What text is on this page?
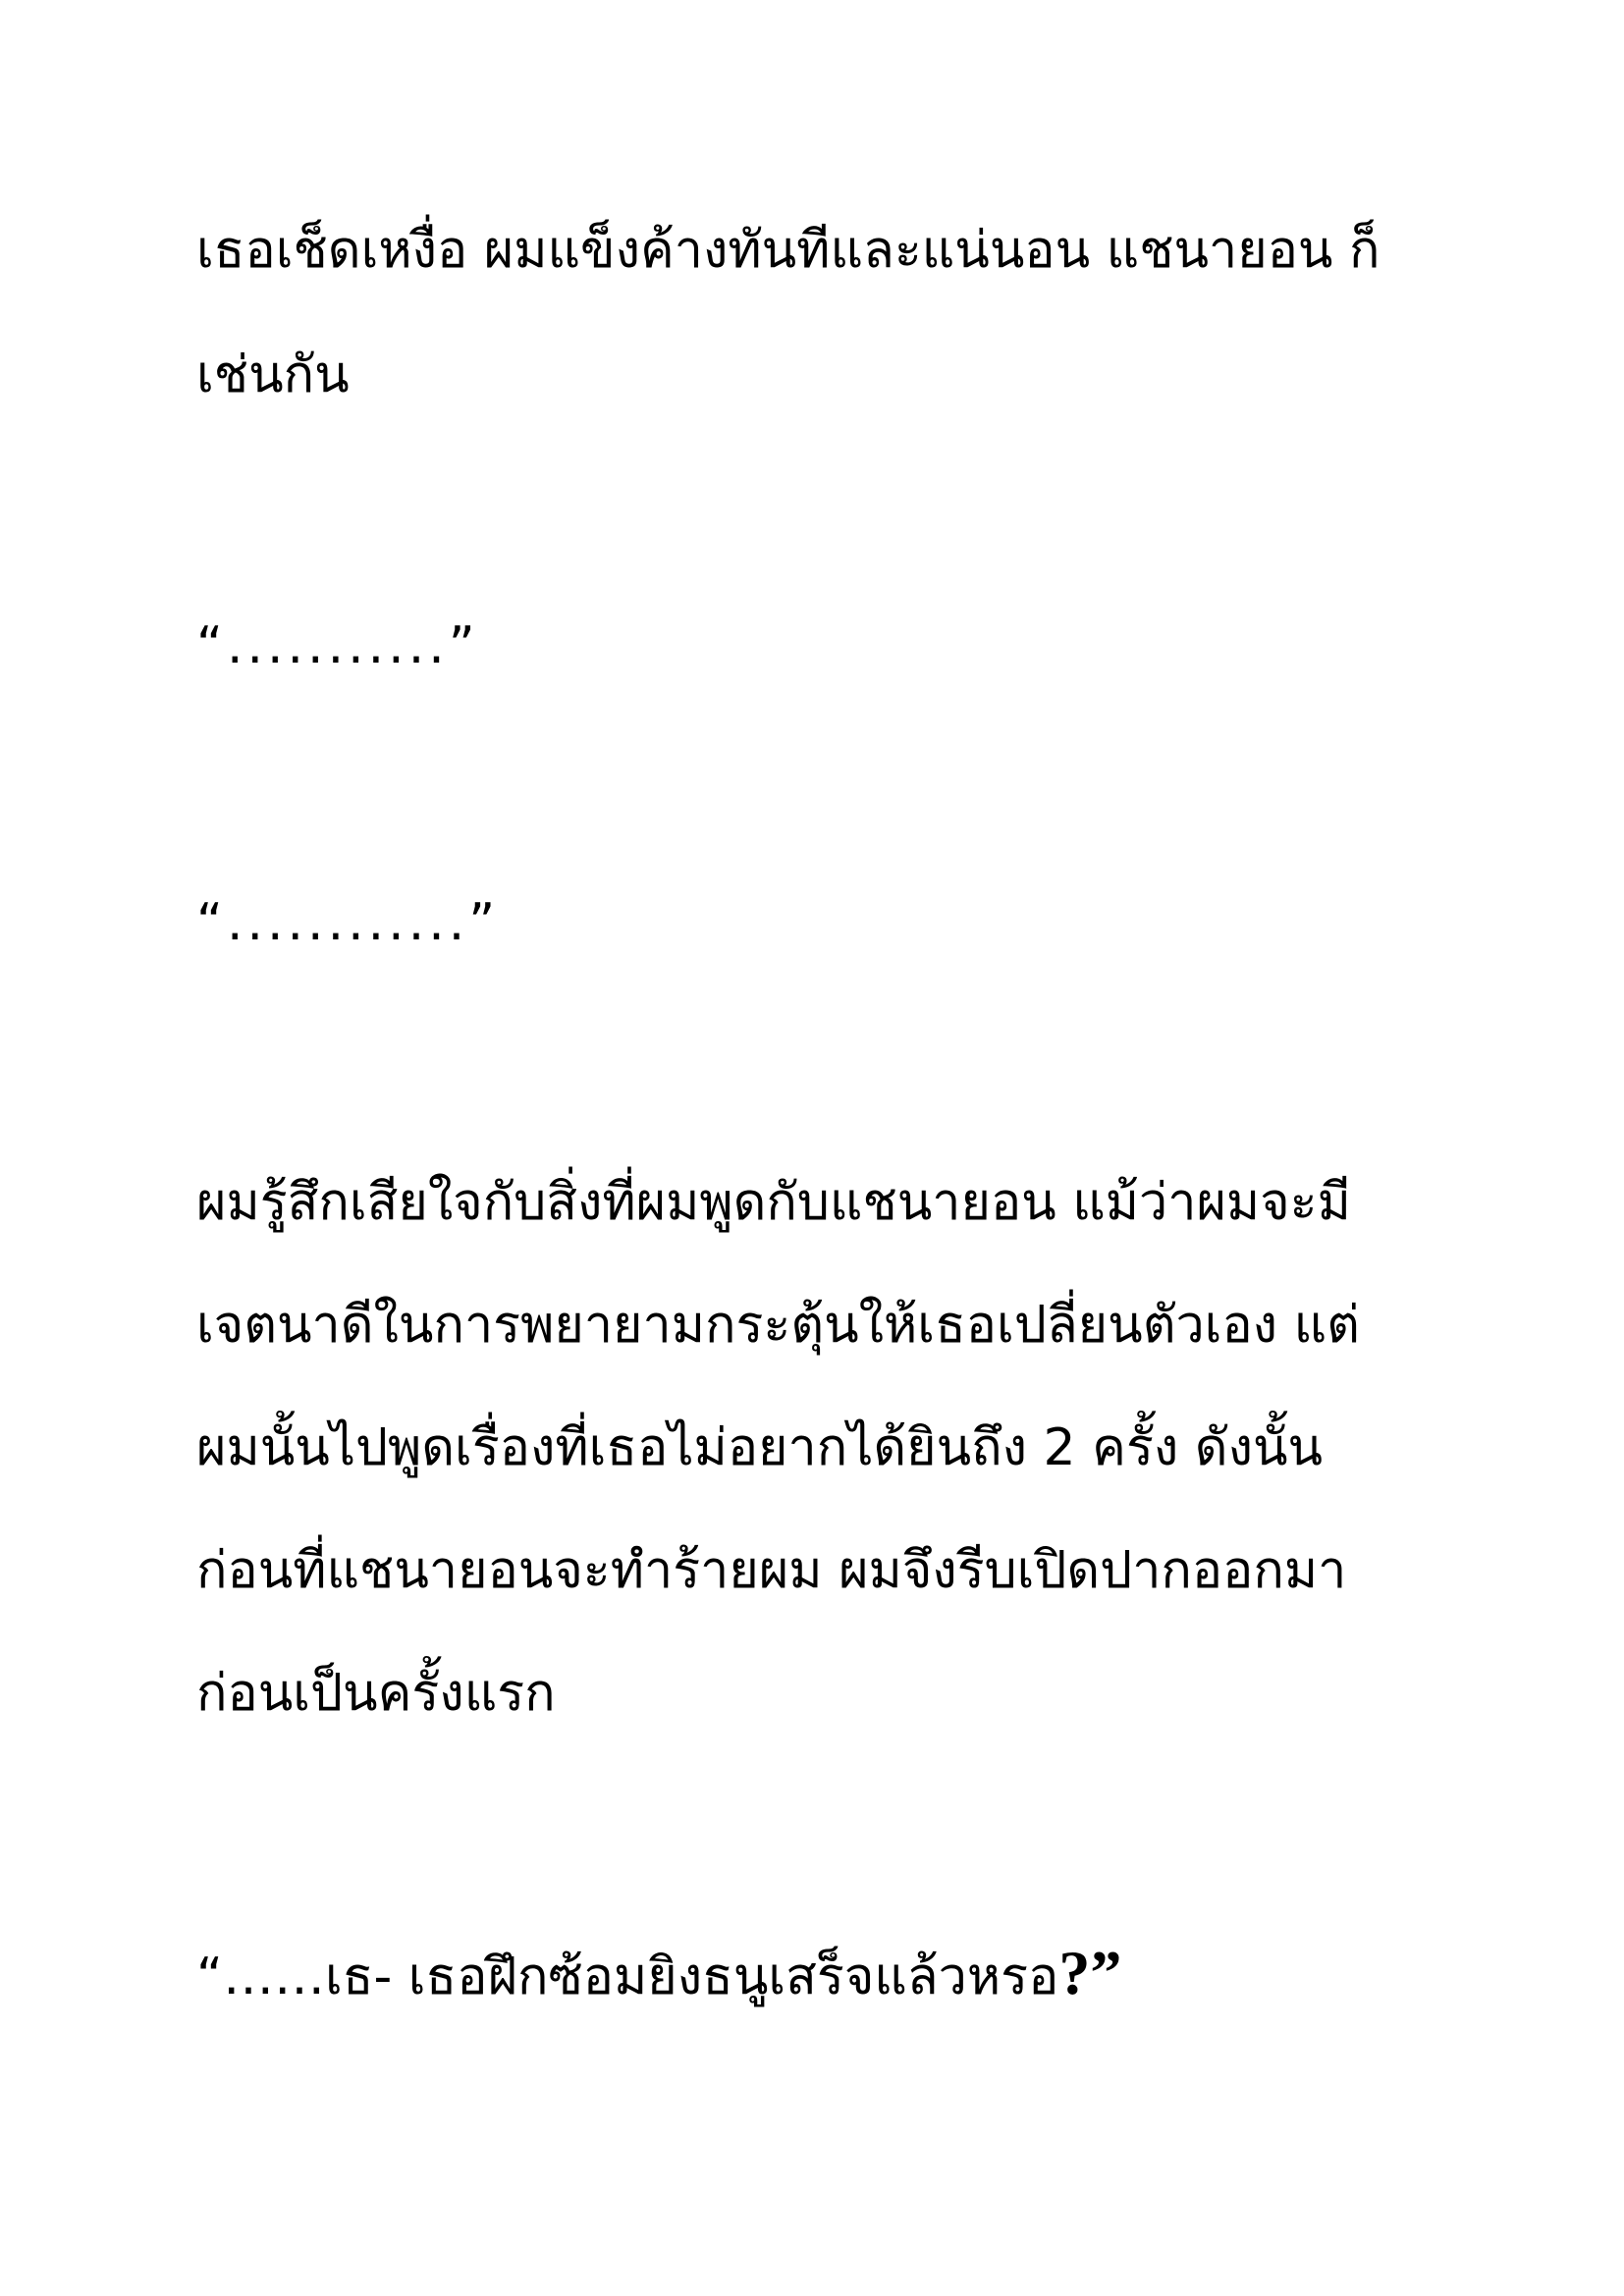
เธอเช็ดเหงื่อ ผมแข็งค้างทันทีและแน่นอน แชนายอน ก็
เช่นกัน
“...........”
“............”
ผมรู้สึกเสียใจกับสิ่งที่ผมพูดกับแชนายอน แม้ว่าผมจะมี
เจตนาดีในการพยายามกระตุ้นให้เธอเปลี่ยนตัวเอง แต่
ผมนั้นไปพูดเรื่องที่เธอไม่อยากได้ยินถึง 2 ครั้ง ดังนั้น
ก่อนที่แชนายอนจะทำร้ายผม ผมจึงรีบเปิดปากออกมา
ก่อนเป็นครั้งแรก
“……เธ- เธอฝึกซ้อมยิงธนูเสร็จแล้วหรอ?”
